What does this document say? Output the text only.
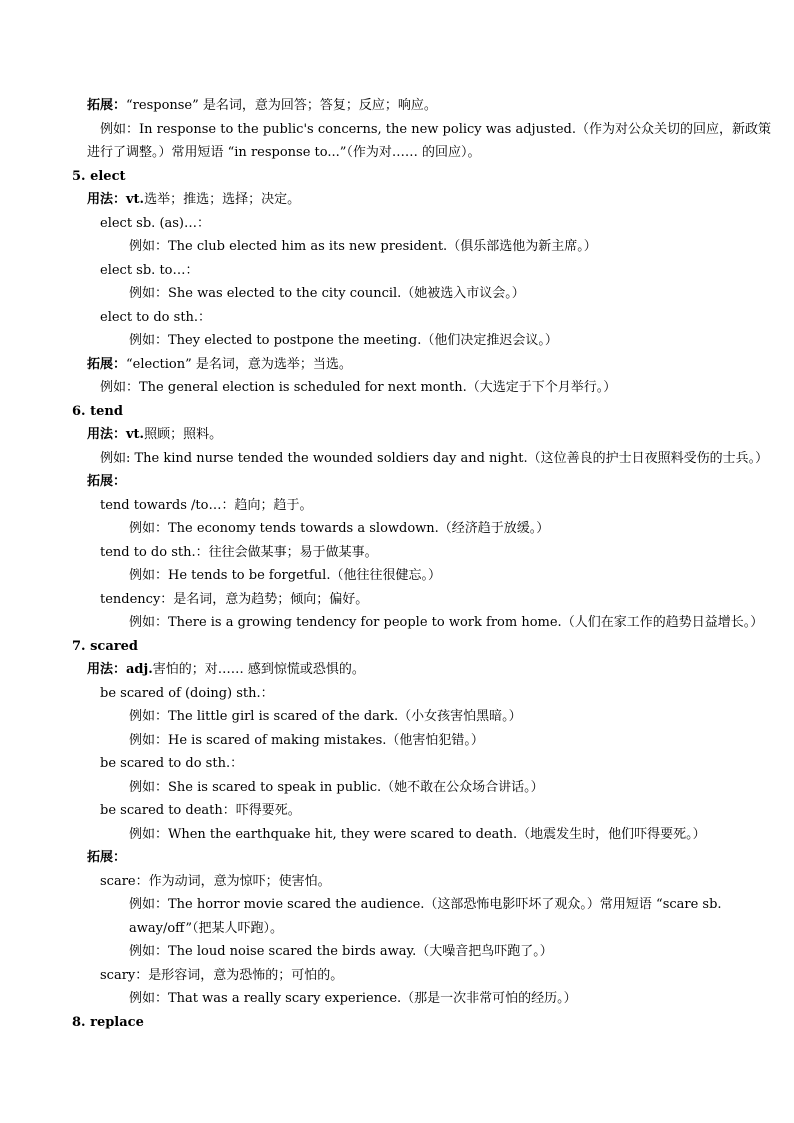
拓展：“response” 是名词，意为回答；答复；反应；响应。
例如：In response to the public's concerns, the new policy was adjusted.（作为对公众关切的回应，新政策
进行了调整。）常用短语 “in response to...”（作为对…… 的回应）。
5. elect
用法：vt.选举；推选；选择；决定。
elect sb. (as)…：
例如：The club elected him as its new president.（俱乐部选他为新主席。）
elect sb. to…：
例如：She was elected to the city council.（她被选入市议会。）
elect to do sth.：
例如：They elected to postpone the meeting.（他们决定推迟会议。）
拓展：“election” 是名词，意为选举；当选。
例如：The general election is scheduled for next month.（大选定于下个月举行。）
6. tend
用法：vt.照顾；照料。
例如: The kind nurse tended the wounded soldiers day and night.（这位善良的护士日夜照料受伤的士兵。）
拓展：
tend towards /to…：趋向；趋于。
例如：The economy tends towards a slowdown.（经济趋于放缓。）
tend to do sth.：往往会做某事；易于做某事。
例如：He tends to be forgetful.（他往往很健忘。）
tendency：是名词，意为趋势；倾向；偏好。
例如：There is a growing tendency for people to work from home.（人们在家工作的趋势日益增长。）
7. scared
用法：adj.害怕的；对…… 感到惊慌或恐惧的。
be scared of (doing) sth.：
例如：The little girl is scared of the dark.（小女孩害怕黑暗。）
例如：He is scared of making mistakes.（他害怕犯错。）
be scared to do sth.：
例如：She is scared to speak in public.（她不敢在公众场合讲话。）
be scared to death：吓得要死。
例如：When the earthquake hit, they were scared to death.（地震发生时，他们吓得要死。）
拓展：
scare：作为动词，意为惊吓；使害怕。
例如：The horror movie scared the audience.（这部恐怖电影吓坏了观众。）常用短语 “scare sb.
away/off”（把某人吓跑）。
例如：The loud noise scared the birds away.（大噪音把鸟吓跑了。）
scary：是形容词，意为恐怖的；可怕的。
例如：That was a really scary experience.（那是一次非常可怕的经历。）
8. replace
